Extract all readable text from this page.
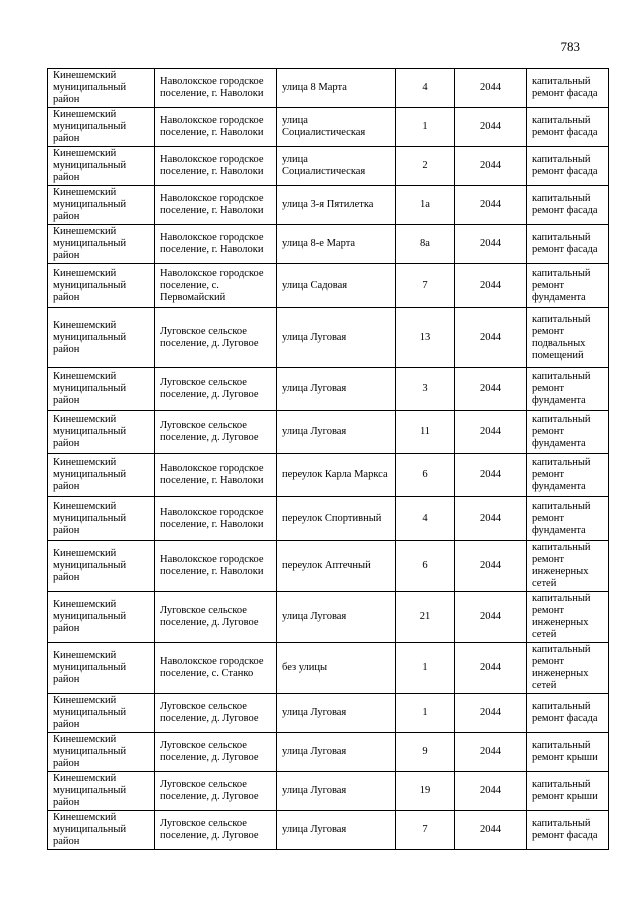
783
Кинешемский муниципальный район	Наволокское городское поселение, г. Наволоки	улица 8 Марта	4	2044	капитальный ремонт фасада
Кинешемский муниципальный район	Наволокское городское поселение, г. Наволоки	улица Социалистическая	1	2044	капитальный ремонт фасада
Кинешемский муниципальный район	Наволокское городское поселение, г. Наволоки	улица Социалистическая	2	2044	капитальный ремонт фасада
Кинешемский муниципальный район	Наволокское городское поселение, г. Наволоки	улица 3-я Пятилетка	1а	2044	капитальный ремонт фасада
Кинешемский муниципальный район	Наволокское городское поселение, г. Наволоки	улица 8-е Марта	8а	2044	капитальный ремонт фасада
Кинешемский муниципальный район	Наволокское городское поселение, с. Первомайский	улица Садовая	7	2044	капитальный ремонт фундамента
Кинешемский муниципальный район	Луговское сельское поселение, д. Луговое	улица Луговая	13	2044	капитальный ремонт подвальных помещений
Кинешемский муниципальный район	Луговское сельское поселение, д. Луговое	улица Луговая	3	2044	капитальный ремонт фундамента
Кинешемский муниципальный район	Луговское сельское поселение, д. Луговое	улица Луговая	11	2044	капитальный ремонт фундамента
Кинешемский муниципальный район	Наволокское городское поселение, г. Наволоки	переулок Карла Маркса	6	2044	капитальный ремонт фундамента
Кинешемский муниципальный район	Наволокское городское поселение, г. Наволоки	переулок Спортивный	4	2044	капитальный ремонт фундамента
Кинешемский муниципальный район	Наволокское городское поселение, г. Наволоки	переулок Аптечный	6	2044	капитальный ремонт инженерных сетей
Кинешемский муниципальный район	Луговское сельское поселение, д. Луговое	улица Луговая	21	2044	капитальный ремонт инженерных сетей
Кинешемский муниципальный район	Наволокское городское поселение, с. Станко	без улицы	1	2044	капитальный ремонт инженерных сетей
Кинешемский муниципальный район	Луговское сельское поселение, д. Луговое	улица Луговая	1	2044	капитальный ремонт фасада
Кинешемский муниципальный район	Луговское сельское поселение, д. Луговое	улица Луговая	9	2044	капитальный ремонт крыши
Кинешемский муниципальный район	Луговское сельское поселение, д. Луговое	улица Луговая	19	2044	капитальный ремонт крыши
Кинешемский муниципальный район	Луговское сельское поселение, д. Луговое	улица Луговая	7	2044	капитальный ремонт фасада
